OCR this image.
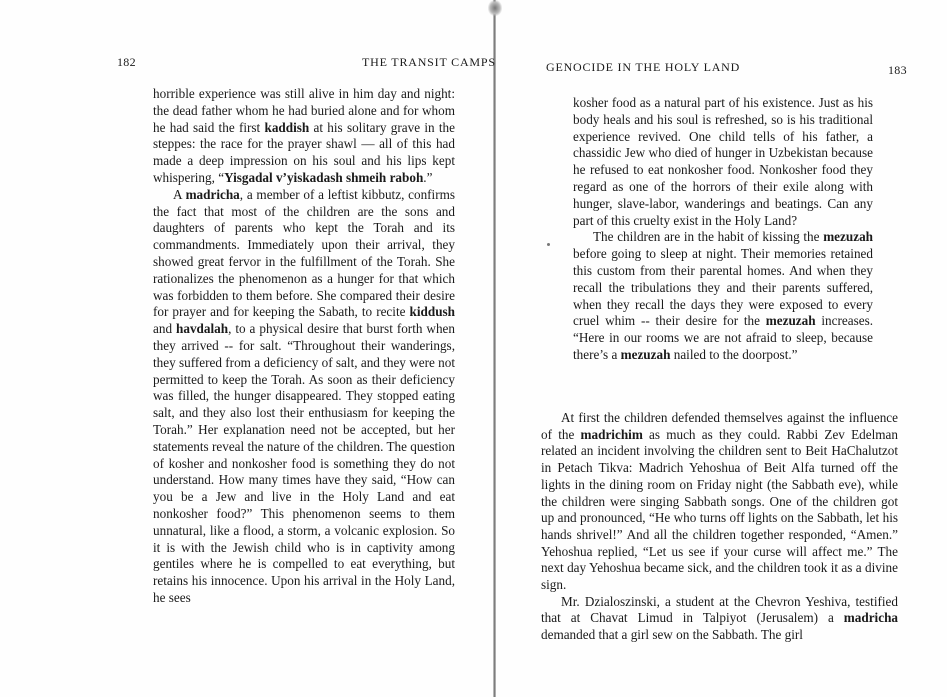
182	THE TRANSIT CAMPS

horrible experience was still alive in him day and night: the dead father whom he had buried alone and for whom he had said the first kaddish at his solitary grave in the steppes: the race for the prayer shawl — all of this had made a deep impression on his soul and his lips kept whispering, “Yisgadal v’yiskadash shmeih raboh.”

A madricha, a member of a leftist kibbutz, confirms the fact that most of the children are the sons and daughters of parents who kept the Torah and its commandments. Immediately upon their arrival, they showed great fervor in the fulfillment of the Torah. She rationalizes the phenomenon as a hunger for that which was forbidden to them before. She compared their desire for prayer and for keeping the Sabath, to recite kiddush and havdalah, to a physical desire that burst forth when they arrived -- for salt. “Throughout their wanderings, they suffered from a deficiency of salt, and they were not permitted to keep the Torah. As soon as their deficiency was filled, the hunger disappeared. They stopped eating salt, and they also lost their enthusiasm for keeping the Torah.” Her explanation need not be accepted, but her statements reveal the nature of the children. The question of kosher and nonkosher food is something they do not understand. How many times have they said, “How can you be a Jew and live in the Holy Land and eat nonkosher food?” This phenomenon seems to them unnatural, like a flood, a storm, a volcanic explosion. So it is with the Jewish child who is in captivity among gentiles where he is compelled to eat everything, but retains his innocence. Upon his arrival in the Holy Land, he sees

GENOCIDE IN THE HOLY LAND	183

kosher food as a natural part of his existence. Just as his body heals and his soul is refreshed, so is his traditional experience revived. One child tells of his father, a chassidic Jew who died of hunger in Uzbekistan because he refused to eat nonkosher food. Nonkosher food they regard as one of the horrors of their exile along with hunger, slave-labor, wanderings and beatings. Can any part of this cruelty exist in the Holy Land?

The children are in the habit of kissing the mezuzah before going to sleep at night. Their memories retained this custom from their parental homes. And when they recall the tribulations they and their parents suffered, when they recall the days they were exposed to every cruel whim -- their desire for the mezuzah increases. “Here in our rooms we are not afraid to sleep, because there’s a mezuzah nailed to the doorpost.”

At first the children defended themselves against the influence of the madrichim as much as they could. Rabbi Zev Edelman related an incident involving the children sent to Beit HaChalutzot in Petach Tikva: Madrich Yehoshua of Beit Alfa turned off the lights in the dining room on Friday night (the Sabbath eve), while the children were singing Sabbath songs. One of the children got up and pronounced, “He who turns off lights on the Sabbath, let his hands shrivel!” And all the children together responded, “Amen.” Yehoshua replied, “Let us see if your curse will affect me.” The next day Yehoshua became sick, and the children took it as a divine sign.

Mr. Dzialoszinski, a student at the Chevron Yeshiva, testified that at Chavat Limud in Talpiyot (Jerusalem) a madricha demanded that a girl sew on the Sabbath. The girl
